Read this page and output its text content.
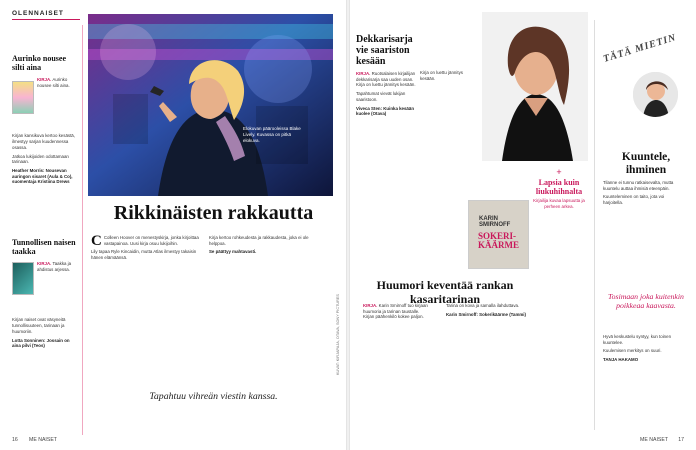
OLENNAISET
Aurinko nousee silti aina
KIRJA. Aurinko nousee silti aina.

Kirjan kansikuva kertoo kesästä, ilmestyy sarjan kuudennessa osassa.

Jatkoa lukijoiden odottamaan tarinaan.

Heather Morris: Nousevan auringon sisaret (Aula & Co), suomentaja Kristiina Drews

Tunnollisen naisen taakka
KIRJA. Taakka ja ahdistus arjessa.

Kirjan naiset ovat väsyneitä tunnollisuuteen, tarinaan ja huumoriin.

Lotta Sonninen: Jossain on aina pilvi (Teos)

Elokuvan päärooleissa Blake Lively. Kuvassa on pitkä elokuva.
Rikkinäisten rakkautta
C Colleen Hoover on menestyskirja, jonka kirjoittaa vastapainoa. Uusi kirja osuu lukijoihin.

Lily tapaa Ryle Kincaidin, mutta Atlas ilmestyy takaisin hänen elämäänsä.

Kirja kertoo rohkeudesta ja rakkaudesta, joka ei ole helppoa.

Se päättyy mahtavasti.

Tapahtuu vihreän viestin kanssa.
KUVAT: KIRJAPAJA, OTAVA, SONY PICTURES
16 ME NAISET
Dekkarisarja vie saariston kesään
KIRJA. Ruotsalaisen kirjailijan dekkarisarja saa uuden osan.

Kirja on luettu jännitys kesään.

Tapahtumat vievät lukijan saaristoon.

Viveca Sten: Kuinka kesään kuolee (Otava)

Kirja on luettu jännitys kesään.

+
Lapsia kuin liukuhihnalta
Kirjailija kuvaa lapsuutta ja perheen arkea.
KARIN SMIRNOFF
SOKERI-KÄÄRME
Huumori keventää rankan kasaritarinan
KIRJA. Karin Smirnoff tuo kirjaan huumoria ja tarinan taustalle.

Kirjan päähenkilö kokee paljon.

Tarina on kova ja samalla ilahduttava.

Karin Smirnoff: Sokerikäärme (Tammi)

TÄTÄ MIETIN
Kuuntele, ihminen

Tilanne ei tunnu ratkaisevalta, mutta kuuntelu auttaa ihmisiä eteenpäin.

Kuunteleminen on taito, jota voi harjoitella.

Tosimaan joka kuitenkin poikkeaa kaavasta.

Hyvä keskustelu syntyy, kun toinen kuuntelee.

Kuulemisen merkitys on suuri.

TANJA HAKAMO

ME NAISET 17
